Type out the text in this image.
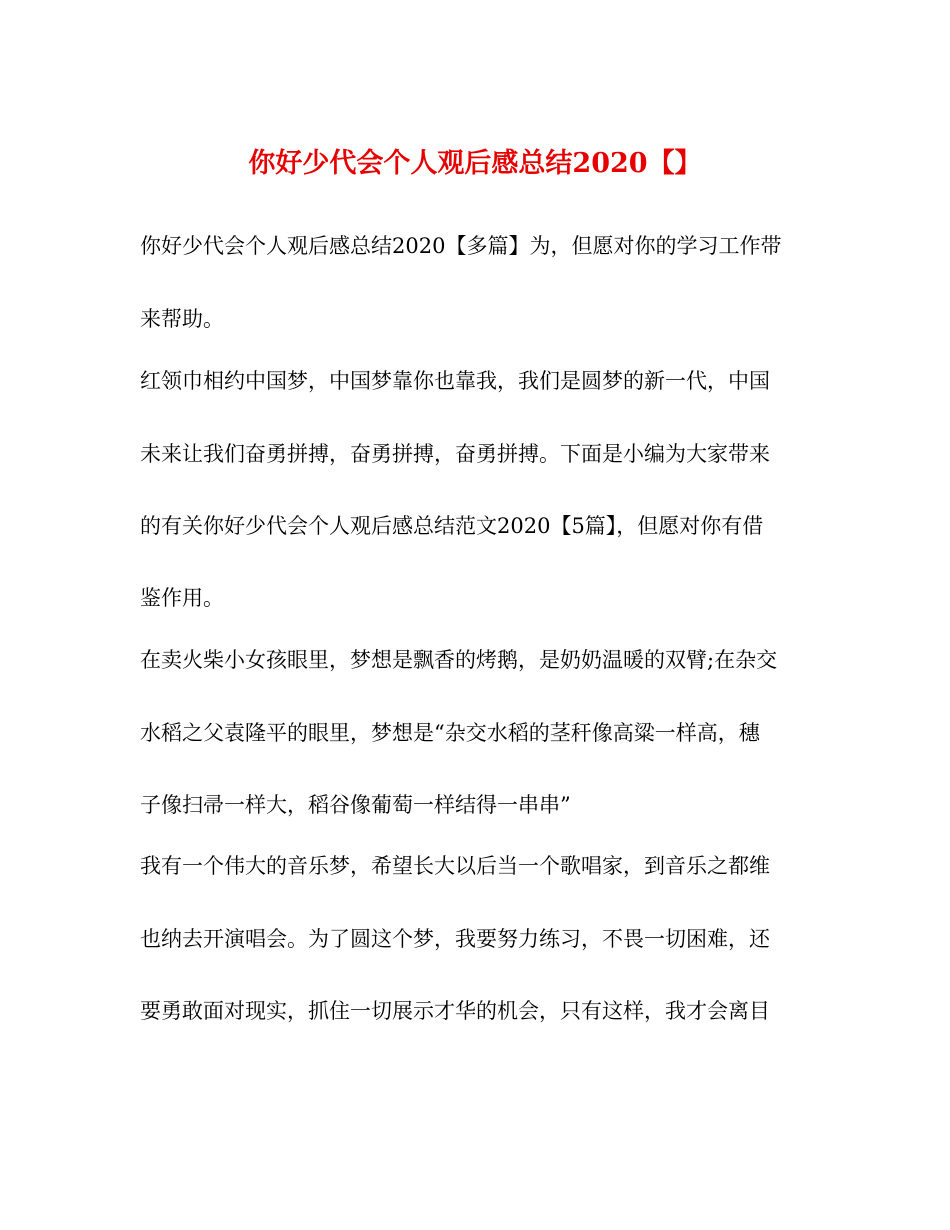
你好少代会个人观后感总结2020【】
你好少代会个人观后感总结2020【多篇】为，但愿对你的学习工作带
来帮助。
红领巾相约中国梦，中国梦靠你也靠我，我们是圆梦的新一代，中国
未来让我们奋勇拼搏，奋勇拼搏，奋勇拼搏。下面是小编为大家带来
的有关你好少代会个人观后感总结范文2020【5篇】，但愿对你有借
鉴作用。
在卖火柴小女孩眼里，梦想是飘香的烤鹅，是奶奶温暖的双臂;在杂交
水稻之父袁隆平的眼里，梦想是“杂交水稻的茎秆像高粱一样高，穗
子像扫帚一样大，稻谷像葡萄一样结得一串串”
我有一个伟大的音乐梦，希望长大以后当一个歌唱家，到音乐之都维
也纳去开演唱会。为了圆这个梦，我要努力练习，不畏一切困难，还
要勇敢面对现实，抓住一切展示才华的机会，只有这样，我才会离目
